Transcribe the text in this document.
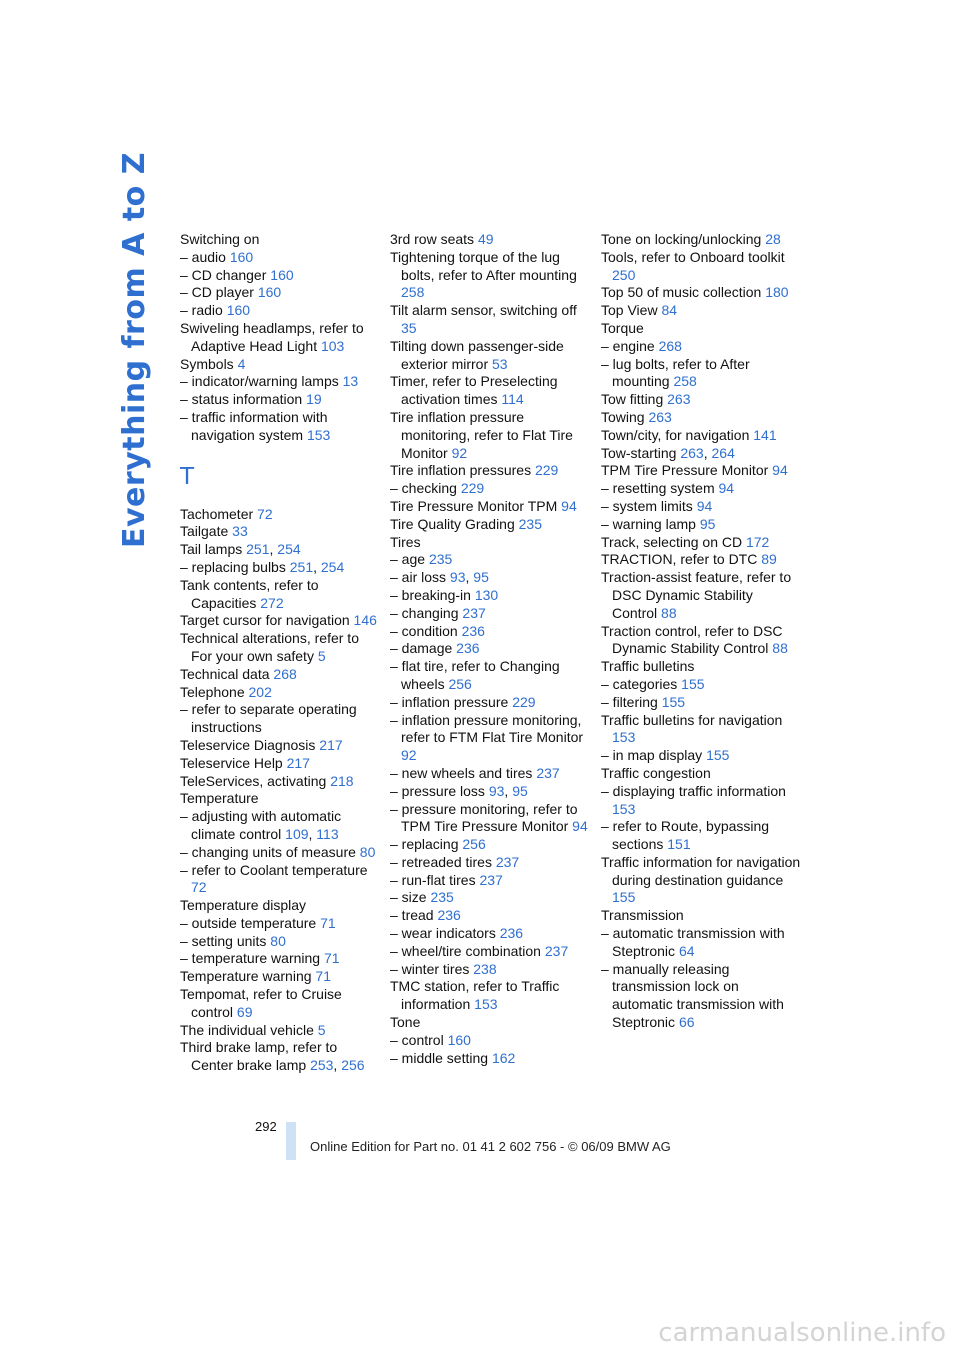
Everything from A to Z Switching on

– audio 160

– CD changer 160

– CD player 160

– radio 160

Swiveling headlamps, refer to Adaptive Head Light 103

Symbols 4

– indicator/warning lamps 13

– status information 19

– traffic information with navigation system 153

T

Tachometer 72

Tailgate 33

Tail lamps 251, 254

– replacing bulbs 251, 254

Tank contents, refer to Capacities 272

Target cursor for navigation 146

Technical alterations, refer to For your own safety 5

Technical data 268

Telephone 202

– refer to separate operating instructions

Teleservice Diagnosis 217

Teleservice Help 217

TeleServices, activating 218

Temperature

– adjusting with automatic climate control 109, 113

– changing units of measure 80

– refer to Coolant temperature 72

Temperature display

– outside temperature 71

– setting units 80

– temperature warning 71

Temperature warning 71

Tempomat, refer to Cruise control 69

The individual vehicle 5

Third brake lamp, refer to Center brake lamp 253, 256

3rd row seats 49

Tightening torque of the lug bolts, refer to After mounting 258

Tilt alarm sensor, switching off 35

Tilting down passenger-side exterior mirror 53

Timer, refer to Preselecting activation times 114

Tire inflation pressure monitoring, refer to Flat Tire Monitor 92

Tire inflation pressures 229

– checking 229

Tire Pressure Monitor TPM 94

Tire Quality Grading 235

Tires

– age 235

– air loss 93, 95

– breaking-in 130

– changing 237

– condition 236

– damage 236

– flat tire, refer to Changing wheels 256

– inflation pressure 229

– inflation pressure monitoring, refer to FTM Flat Tire Monitor 92

– new wheels and tires 237

– pressure loss 93, 95

– pressure monitoring, refer to TPM Tire Pressure Monitor 94

– replacing 256

– retreaded tires 237

– run-flat tires 237

– size 235

– tread 236

– wear indicators 236

– wheel/tire combination 237

– winter tires 238

TMC station, refer to Traffic information 153

Tone

– control 160

– middle setting 162

Tone on locking/unlocking 28

Tools, refer to Onboard toolkit 250

Top 50 of music collection 180

Top View 84

Torque

– engine 268

– lug bolts, refer to After mounting 258

Tow fitting 263

Towing 263

Town/city, for navigation 141

Tow-starting 263, 264

TPM Tire Pressure Monitor 94

– resetting system 94

– system limits 94

– warning lamp 95

Track, selecting on CD 172

TRACTION, refer to DTC 89

Traction-assist feature, refer to DSC Dynamic Stability Control 88

Traction control, refer to DSC Dynamic Stability Control 88

Traffic bulletins

– categories 155

– filtering 155

Traffic bulletins for navigation 153

– in map display 155

Traffic congestion

– displaying traffic information 153

– refer to Route, bypassing sections 151

Traffic information for navigation during destination guidance 155

Transmission

– automatic transmission with Steptronic 64

– manually releasing transmission lock on automatic transmission with Steptronic 66

292
Online Edition for Part no. 01 41 2 602 756 - © 06/09 BMW AG
carmanualsonline.info
